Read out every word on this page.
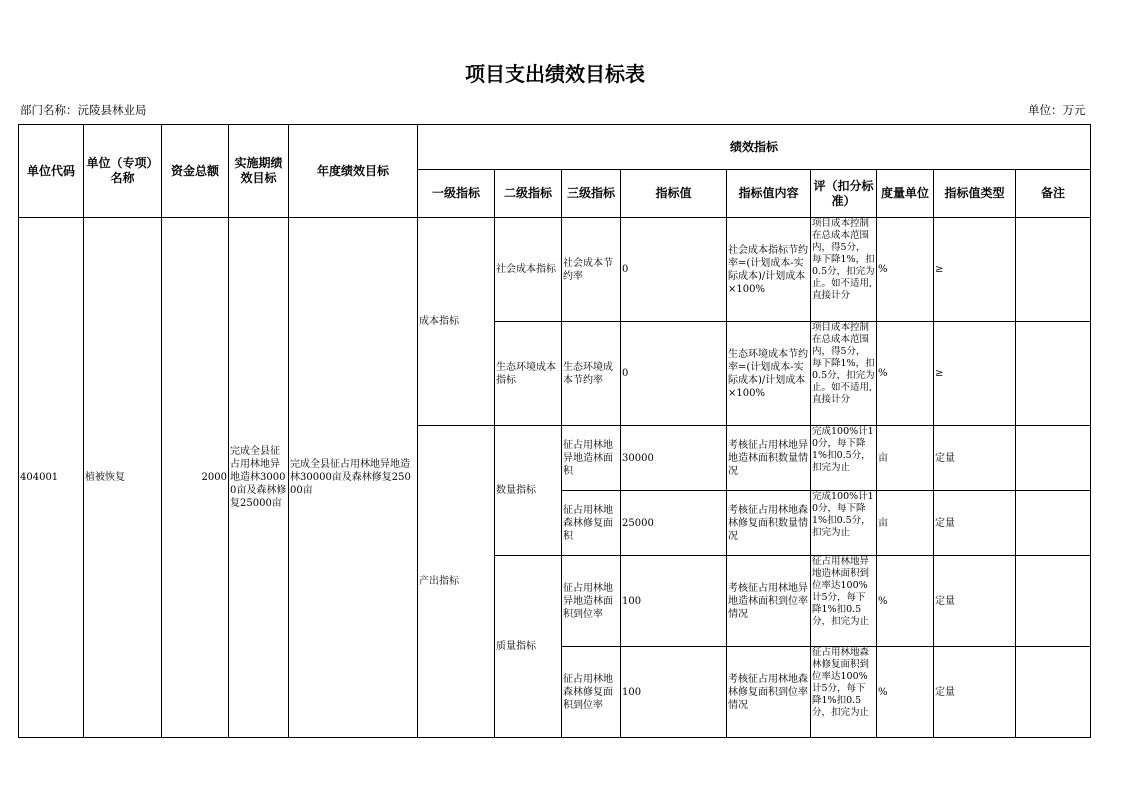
项目支出绩效目标表
部门名称：沅陵县林业局	单位：万元
单位代码	单位（专项）名称	资金总额	实施期绩效目标	年度绩效目标	绩效指标								
					一级指标	二级指标	三级指标	指标值	指标值内容	评（扣分标准）	度量单位	指标值类型	备注
404001	植被恢复	2000	完成全县征占用林地异地造林30000亩及森林修复25000亩	完成全县征占用林地异地造林30000亩及森林修复25000亩	成本指标	社会成本指标	社会成本节约率	0	社会成本指标节约率=(计划成本-实际成本)/计划成本×100%	项目成本控制在总成本范围内，得5分，每下降1%，扣0.5分，扣完为止。如不适用,直接计分	%	≥	
						生态环境成本指标	生态环境成本节约率	0	生态环境成本节约率=(计划成本-实际成本)/计划成本×100%	项目成本控制在总成本范围内，得5分，每下降1%，扣0.5分，扣完为止。如不适用,直接计分	%	≥	
					产出指标	数量指标	征占用林地异地造林面积	30000	考核征占用林地异地造林面积数量情况	完成100%计10分，每下降1%扣0.5分，扣完为止	亩	定量	
							征占用林地森林修复面积	25000	考核征占用林地森林修复面积数量情况	完成100%计10分，每下降1%扣0.5分，扣完为止	亩	定量	
						质量指标	征占用林地异地造林面积到位率	100	考核征占用林地异地造林面积到位率情况	征占用林地异地造林面积到位率达100%计5分，每下降1%扣0.5分，扣完为止	%	定量	
							征占用林地森林修复面积到位率	100	考核征占用林地森林修复面积到位率情况	征占用林地森林修复面积到位率达100%计5分，每下降1%扣0.5分，扣完为止	%	定量	
